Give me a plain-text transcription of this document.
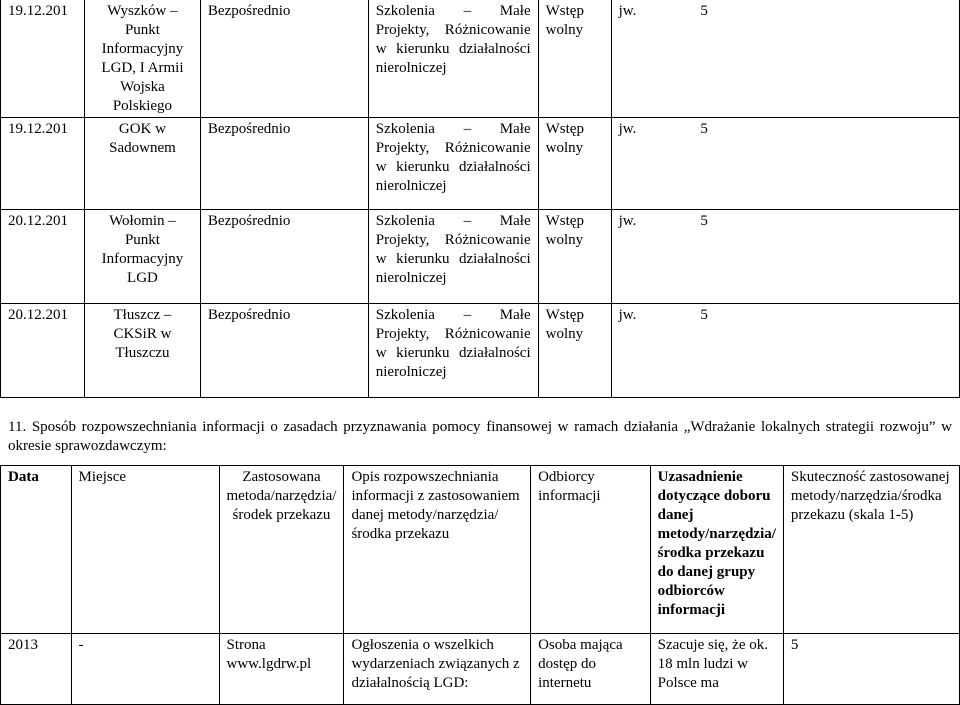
19.12.201	Wyszków – Punkt Informacyjny LGD, I Armii Wojska Polskiego	Bezpośrednio	Szkolenia – Małe Projekty, Różnicowanie w kierunku działalności nierolniczej	Wstęp wolny	jw. 5
19.12.201	GOK w Sadownem	Bezpośrednio	Szkolenia – Małe Projekty, Różnicowanie w kierunku działalności nierolniczej	Wstęp wolny	jw. 5
20.12.201	Wołomin – Punkt Informacyjny LGD	Bezpośrednio	Szkolenia – Małe Projekty, Różnicowanie w kierunku działalności nierolniczej	Wstęp wolny	jw. 5
20.12.201	Tłuszcz – CKSiR w Tłuszczu	Bezpośrednio	Szkolenia – Małe Projekty, Różnicowanie w kierunku działalności nierolniczej	Wstęp wolny	jw. 5

11. Sposób rozpowszechniania informacji o zasadach przyznawania pomocy finansowej w ramach działania „Wdrażanie lokalnych strategii rozwoju” w okresie sprawozdawczym:

Data	Miejsce	Zastosowana metoda/narzędzia/środek przekazu	Opis rozpowszechniania informacji z zastosowaniem danej metody/narzędzia/środka przekazu	Odbiorcy informacji	Uzasadnienie dotyczące doboru danej metody/narzędzia/środka przekazu do danej grupy odbiorców informacji	Skuteczność zastosowanej metody/narzędzia/środka przekazu (skala 1-5)
2013	-	Strona www.lgdrw.pl	Ogłoszenia o wszelkich wydarzeniach związanych z działalnością LGD:	Osoba mająca dostęp do internetu	Szacuje się, że ok. 18 mln ludzi w Polsce ma	5
